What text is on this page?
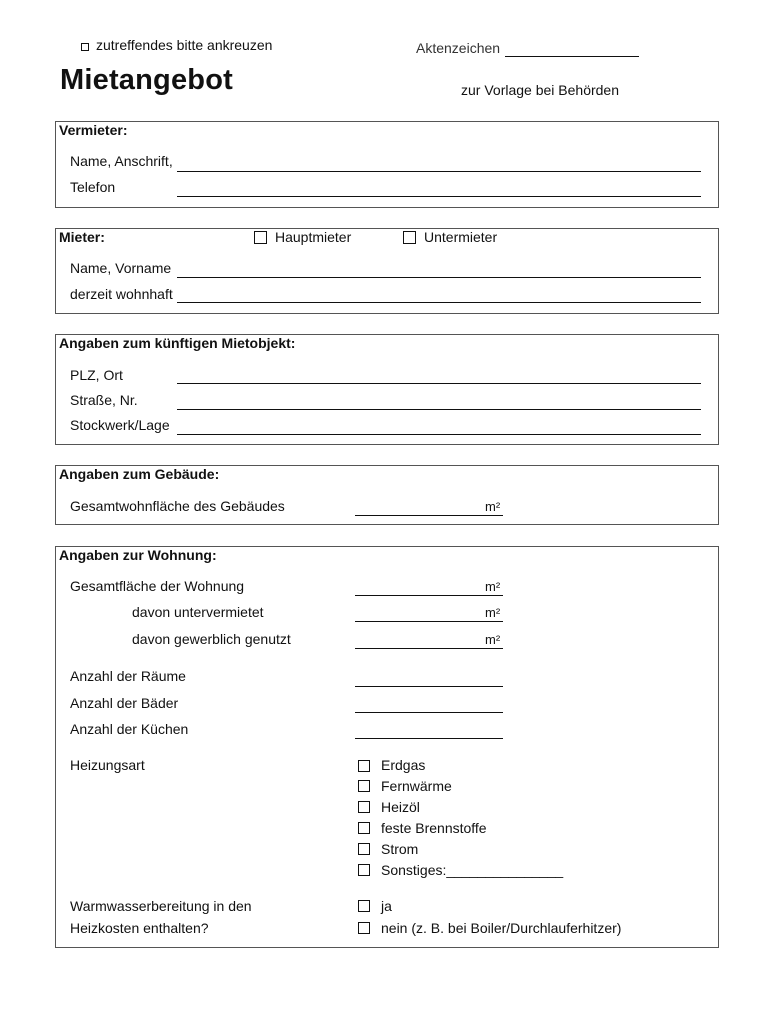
zutreffendes bitte ankreuzen	Aktenzeichen
Mietangebot	zur Vorlage bei Behörden
Vermieter:
Name, Anschrift,
Telefon
Mieter:	Hauptmieter	Untermieter
Name, Vorname
derzeit wohnhaft
Angaben zum künftigen Mietobjekt:
PLZ, Ort
Straße, Nr.
Stockwerk/Lage
Angaben zum Gebäude:
Gesamtwohnfläche des Gebäudes	m²
Angaben zur Wohnung:
Gesamtfläche der Wohnung	m²
davon untervermietet	m²
davon gewerblich genutzt	m²
Anzahl der Räume
Anzahl der Bäder
Anzahl der Küchen
Heizungsart	Erdgas
Fernwärme
Heizöl
feste Brennstoffe
Strom
Sonstiges:_______________
Warmwasserbereitung in den
Heizkosten enthalten?
ja
nein (z. B. bei Boiler/Durchlauferhitzer)
